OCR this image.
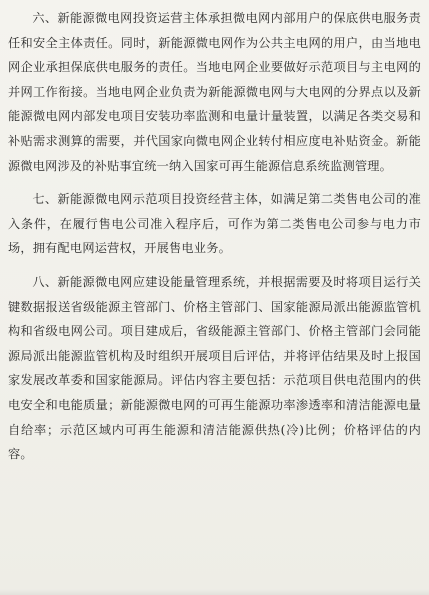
六、新能源微电网投资运营主体承担微电网内部用户的保底供电服务责任和安全主体责任。同时，新能源微电网作为公共主电网的用户，由当地电网企业承担保底供电服务的责任。当地电网企业要做好示范项目与主电网的并网工作衔接。当地电网企业负责为新能源微电网与大电网的分界点以及新能源微电网内部发电项目安装功率监测和电量计量装置，以满足各类交易和补贴需求测算的需要，并代国家向微电网企业转付相应度电补贴资金。新能源微电网涉及的补贴事宜统一纳入国家可再生能源信息系统监测管理。

七、新能源微电网示范项目投资经营主体，如满足第二类售电公司的准入条件，在履行售电公司准入程序后，可作为第二类售电公司参与电力市场，拥有配电网运营权，开展售电业务。

八、新能源微电网应建设能量管理系统，并根据需要及时将项目运行关键数据报送省级能源主管部门、价格主管部门、国家能源局派出能源监管机构和省级电网公司。项目建成后，省级能源主管部门、价格主管部门会同能源局派出能源监管机构及时组织开展项目后评估，并将评估结果及时上报国家发展改革委和国家能源局。评估内容主要包括：示范项目供电范围内的供电安全和电能质量；新能源微电网的可再生能源功率渗透率和清洁能源电量自给率；示范区域内可再生能源和清洁能源供热(冷)比例；价格评估的内容。
